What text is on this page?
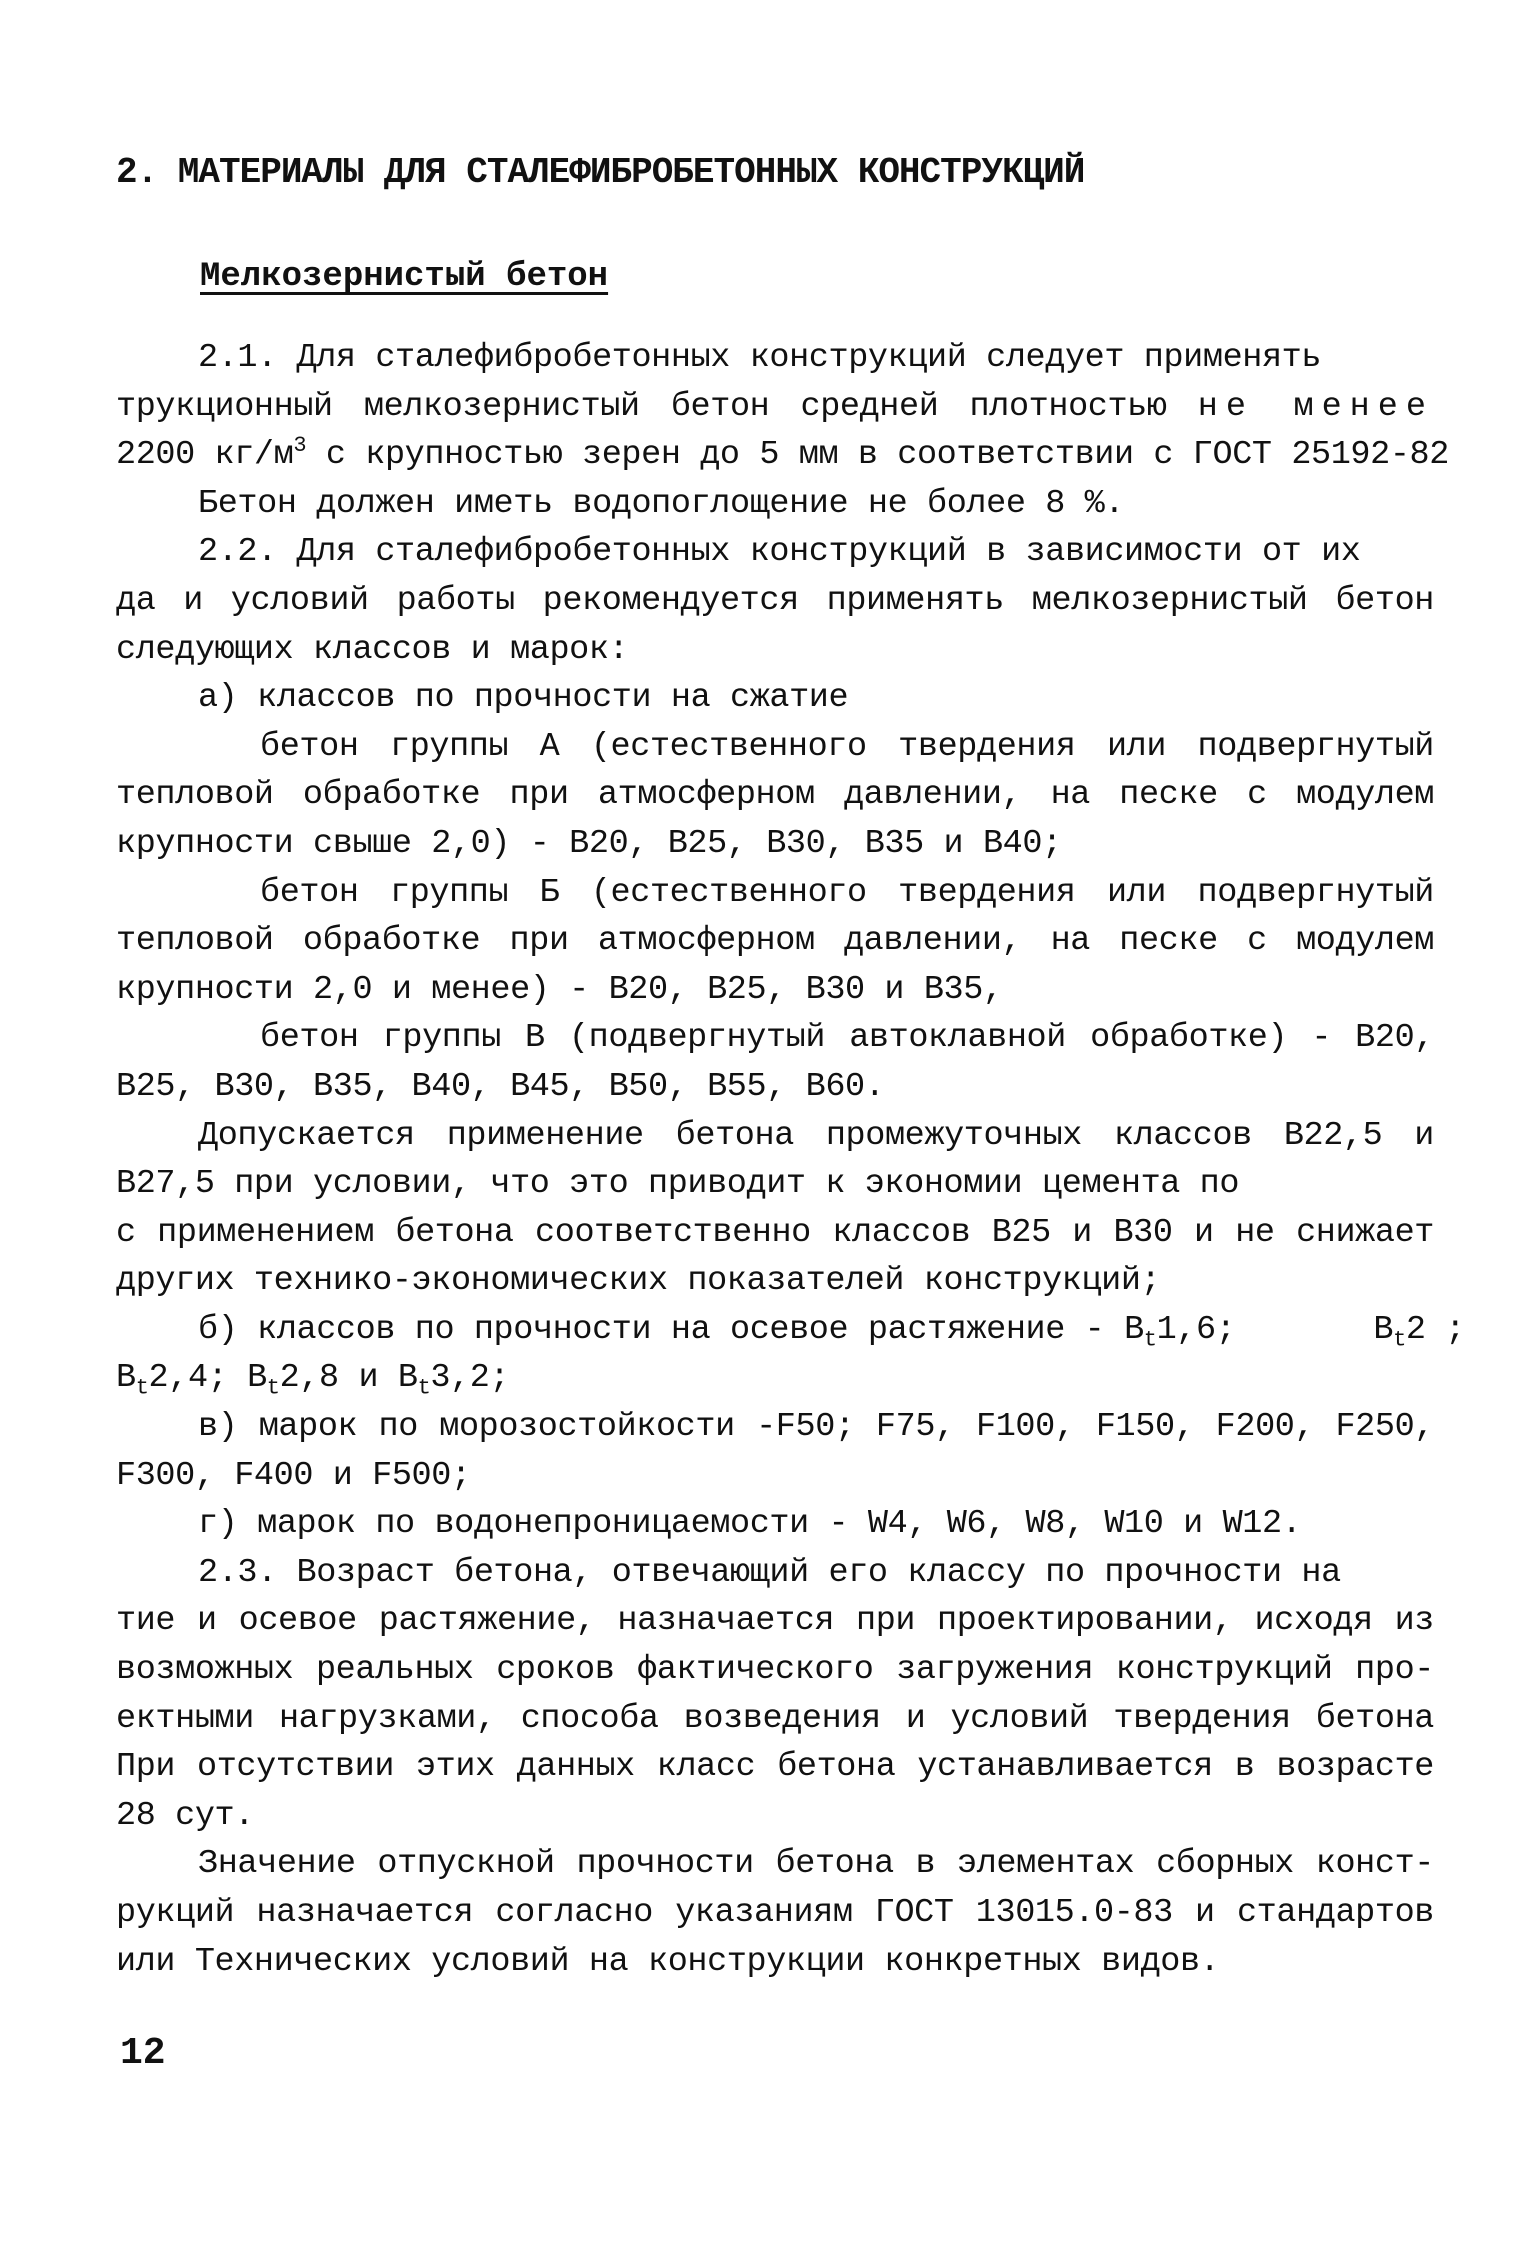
2. МАТЕРИАЛЫ ДЛЯ СТАЛЕФИБРОБЕТОННЫХ КОНСТРУКЦИЙ
Мелкозернистый бетон
2.1. Для сталефибробетонных конструкций следует применять
трукционный мелкозернистый бетон средней плотностью не менее
2200 $кг/м^3$ с крупностью зерен до 5 мм в соответствии с ГОСТ 25192-82
Бетон должен иметь водопоглощение не более 8 %.
2.2. Для сталефибробетонных конструкций в зависимости от их
да и условий работы рекомендуется применять мелкозернистый бетон
следующих классов и марок:
а) классов по прочности на сжатие
бетон группы А (естественного твердения или подвергнутый
тепловой обработке при атмосферном давлении, на песке с модулем
крупности свыше 2,0) - В20, В25, В30, В35 и В40;
бетон группы Б (естественного твердения или подвергнутый
тепловой обработке при атмосферном давлении, на песке с модулем
крупности 2,0 и менее) - В20, В25, В30 и В35,
бетон группы В (подвергнутый автоклавной обработке) - В20,
В25, В30, В35, В40, В45, В50, В55, В60.
Допускается применение бетона промежуточных классов В22,5 и
В27,5 при условии, что это приводит к экономии цемента по
с применением бетона соответственно классов В25 и В30 и не снижает
других технико-экономических показателей конструкций;
б) классов по прочности на осевое растяжение - $B_t1,6$;	$B_t2$ ;
$B_t2,4$; $B_t2,8$ и $B_t3,2$;
в) марок по морозостойкости -F50; F75, F100, F150, F200, F250,
F300, F400 и F500;
г) марок по водонепроницаемости - W4, W6, W8, W10 и W12.
2.3. Возраст бетона, отвечающий его классу по прочности на
тие и осевое растяжение, назначается при проектировании, исходя из
возможных реальных сроков фактического загружения конструкций про-
ектными нагрузками, способа возведения и условий твердения бетона
При отсутствии этих данных класс бетона устанавливается в возрасте
28 сут.
Значение отпускной прочности бетона в элементах сборных конст-
рукций назначается согласно указаниям ГОСТ 13015.0-83 и стандартов
или Технических условий на конструкции конкретных видов.
12
